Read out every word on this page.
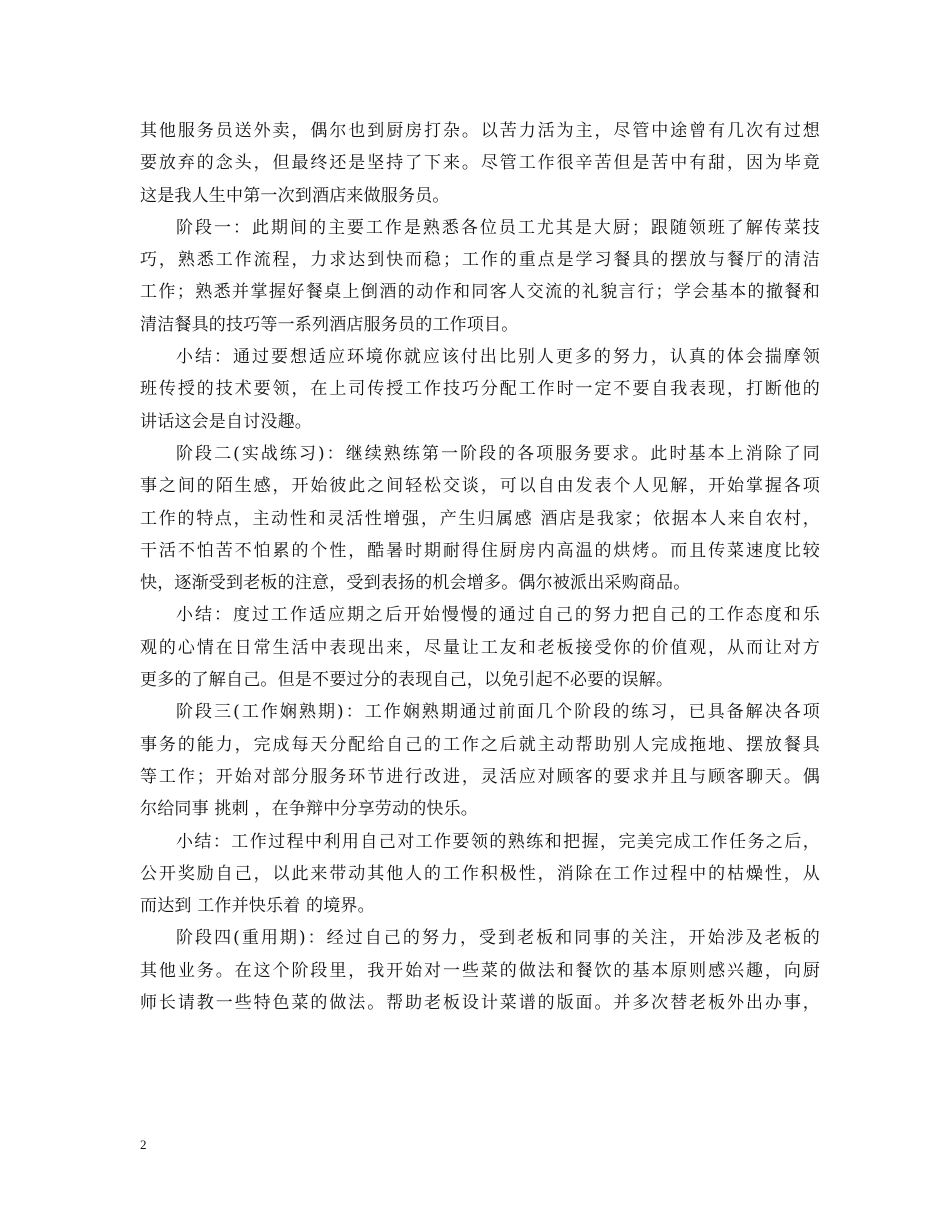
其他服务员送外卖，偶尔也到厨房打杂。以苦力活为主，尽管中途曾有几次有过想
要放弃的念头，但最终还是坚持了下来。尽管工作很辛苦但是苦中有甜，因为毕竟
这是我人生中第一次到酒店来做服务员。
阶段一：此期间的主要工作是熟悉各位员工尤其是大厨；跟随领班了解传菜技
巧，熟悉工作流程，力求达到快而稳；工作的重点是学习餐具的摆放与餐厅的清洁
工作；熟悉并掌握好餐桌上倒酒的动作和同客人交流的礼貌言行；学会基本的撤餐和
清洁餐具的技巧等一系列酒店服务员的工作项目。
小结：通过要想适应环境你就应该付出比别人更多的努力，认真的体会揣摩领
班传授的技术要领，在上司传授工作技巧分配工作时一定不要自我表现，打断他的
讲话这会是自讨没趣。
阶段二(实战练习)：继续熟练第一阶段的各项服务要求。此时基本上消除了同
事之间的陌生感，开始彼此之间轻松交谈，可以自由发表个人见解，开始掌握各项
工作的特点，主动性和灵活性增强，产生归属感 酒店是我家；依据本人来自农村，
干活不怕苦不怕累的个性，酷暑时期耐得住厨房内高温的烘烤。而且传菜速度比较
快，逐渐受到老板的注意，受到表扬的机会增多。偶尔被派出采购商品。
小结：度过工作适应期之后开始慢慢的通过自己的努力把自己的工作态度和乐
观的心情在日常生活中表现出来，尽量让工友和老板接受你的价值观，从而让对方
更多的了解自己。但是不要过分的表现自己，以免引起不必要的误解。
阶段三(工作娴熟期)：工作娴熟期通过前面几个阶段的练习，已具备解决各项
事务的能力，完成每天分配给自己的工作之后就主动帮助别人完成拖地、摆放餐具
等工作；开始对部分服务环节进行改进，灵活应对顾客的要求并且与顾客聊天。偶
尔给同事 挑刺 ，在争辩中分享劳动的快乐。
小结：工作过程中利用自己对工作要领的熟练和把握，完美完成工作任务之后，
公开奖励自己，以此来带动其他人的工作积极性，消除在工作过程中的枯燥性，从
而达到 工作并快乐着 的境界。
阶段四(重用期)：经过自己的努力，受到老板和同事的关注，开始涉及老板的
其他业务。在这个阶段里，我开始对一些菜的做法和餐饮的基本原则感兴趣，向厨
师长请教一些特色菜的做法。帮助老板设计菜谱的版面。并多次替老板外出办事，
2
